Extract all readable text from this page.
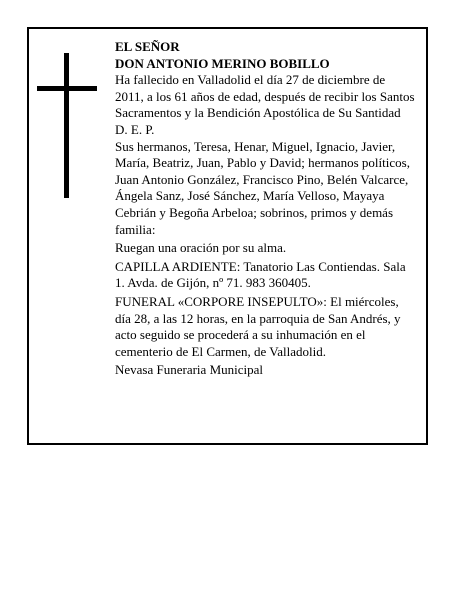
EL SEÑOR

DON ANTONIO MERINO BOBILLO

Ha fallecido en Valladolid el día 27 de diciembre de 2011, a los 61 años de edad, después de recibir los Santos Sacramentos y la Bendición Apostólica de Su Santidad

D. E. P.

Sus hermanos, Teresa, Henar, Miguel, Ignacio, Javier, María, Beatriz, Juan, Pablo y David; hermanos políticos, Juan Antonio González, Francisco Pino, Belén Valcarce, Ángela Sanz, José Sánchez, María Velloso, Mayaya Cebrián y Begoña Arbeloa; sobrinos, primos y demás familia:

Ruegan una oración por su alma.

CAPILLA ARDIENTE: Tanatorio Las Contiendas. Sala 1. Avda. de Gijón, nº 71. 983 360405.

FUNERAL «CORPORE INSEPULTO»: El miércoles, día 28, a las 12 horas, en la parroquia de San Andrés, y acto seguido se procederá a su inhumación en el cementerio de El Carmen, de Valladolid.

Nevasa Funeraria Municipal
